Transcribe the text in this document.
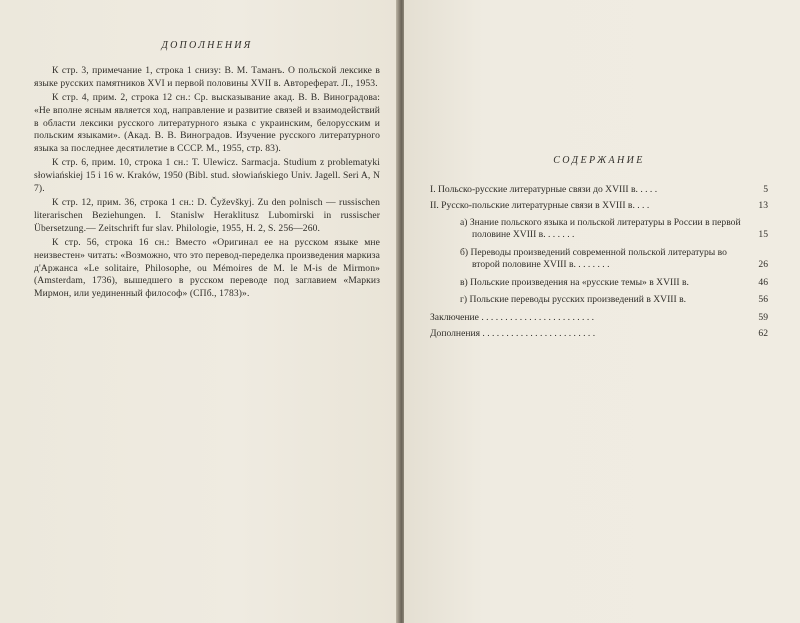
ДОПОЛНЕНИЯ

К стр. 3, примечание 1, строка 1 снизу: В. М. Таманъ. О польской лексике в языке русских памятников XVI и первой половины XVII в. Автореферат. Л., 1953.

К стр. 4, прим. 2, строка 12 сн.: Ср. высказывание акад. В. В. Виноградова: «Не вполне ясным является ход, направление и развитие связей и взаимодействий в области лексики русского литературного языка с украинским, белорусским и польским языками». (Акад. В. В. Виноградов. Изучение русского литературного языка за последнее десятилетие в СССР. М., 1955, стр. 83).

К стр. 6, прим. 10, строка 1 сн.: T. Ulewicz. Sarmacja. Studium z problematyki słowiańskiej 15 i 16 w. Kraków, 1950 (Bibl. stud. słowiańskiego Univ. Jagell. Seri A, N 7).

К стр. 12, прим. 36, строка 1 сн.: D. Čyževškyj. Zu den polnisch — russischen literarischen Beziehungen. I. Stanislw Heraklitusz Lubomirski in russischer Übersetzung.— Zeitschrift fur slav. Philologie, 1955, H. 2, S. 256—260.

К стр. 56, строка 16 сн.: Вместо «Оригинал ее на русском языке мне неизвестен» читать: «Возможно, что это перевод-переделка произведения маркиза д'Аржанса «Le solitaire, Philosophe, ou Mémoires de M. le M-is de Mirmon» (Amsterdam, 1736), вышедшего в русском переводе под заглавием «Маркиз Мирмон, или уединенный философ» (СПб., 1783)».

СОДЕРЖАНИЕ
I. Польско-русские литературные связи до XVIII в. . . . .	5
II. Русско-польские литературные связи в XVIII в. . . .	13
а) Знание польского языка и польской литературы в России в первой половине XVIII в. . . . . . .	15
б) Переводы произведений современной польской литературы во второй половине XVIII в. . . . . . . .	26
в) Польские произведения на «русские темы» в XVIII в.	46
г) Польские переводы русских произведений в XVIII в.	56
Заключение . . . . . . . . . . . . . . . . . . . . . . . .	59
Дополнения . . . . . . . . . . . . . . . . . . . . . . . .	62
